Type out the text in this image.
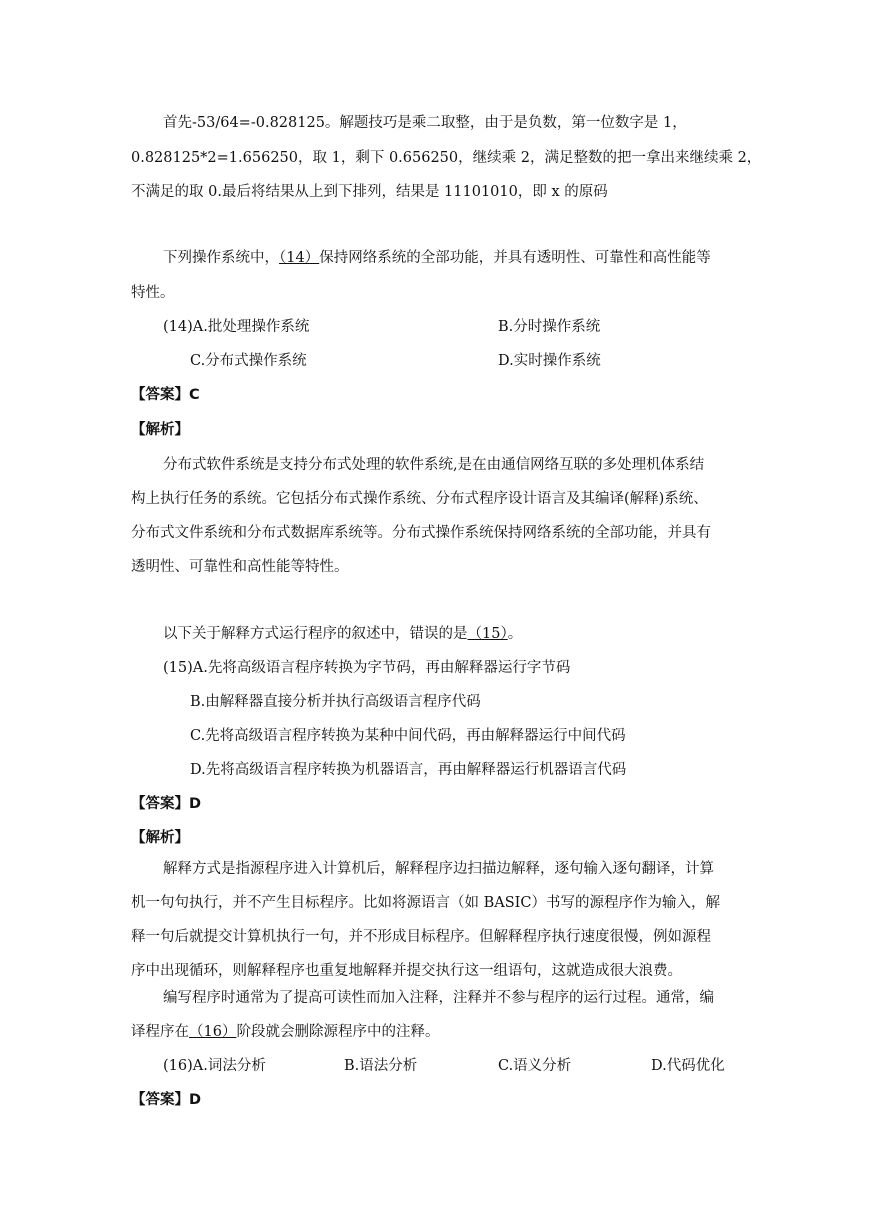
首先-53/64=-0.828125。解题技巧是乘二取整，由于是负数，第一位数字是 1，
0.828125*2=1.656250，取 1，剩下 0.656250，继续乘 2，满足整数的把一拿出来继续乘 2，
不满足的取 0.最后将结果从上到下排列，结果是 11101010，即 x 的原码
下列操作系统中，（14）保持网络系统的全部功能，并具有透明性、可靠性和高性能等
特性。
(14)A.批处理操作系统	B.分时操作系统
C.分布式操作系统	D.实时操作系统
【答案】C
【解析】
分布式软件系统是支持分布式处理的软件系统,是在由通信网络互联的多处理机体系结
构上执行任务的系统。它包括分布式操作系统、分布式程序设计语言及其编译(解释)系统、
分布式文件系统和分布式数据库系统等。分布式操作系统保持网络系统的全部功能，并具有
透明性、可靠性和高性能等特性。
以下关于解释方式运行程序的叙述中，错误的是（15）。
(15)A.先将高级语言程序转换为字节码，再由解释器运行字节码
B.由解释器直接分析并执行高级语言程序代码
C.先将高级语言程序转换为某种中间代码，再由解释器运行中间代码
D.先将高级语言程序转换为机器语言，再由解释器运行机器语言代码
【答案】D
【解析】
解释方式是指源程序进入计算机后，解释程序边扫描边解释，逐句输入逐句翻译，计算
机一句句执行，并不产生目标程序。比如将源语言（如 BASIC）书写的源程序作为输入，解
释一句后就提交计算机执行一句，并不形成目标程序。但解释程序执行速度很慢，例如源程
序中出现循环，则解释程序也重复地解释并提交执行这一组语句，这就造成很大浪费。
编写程序时通常为了提高可读性而加入注释，注释并不参与程序的运行过程。通常，编
译程序在（16）阶段就会删除源程序中的注释。
(16)A.词法分析	B.语法分析	C.语义分析	D.代码优化
【答案】D
